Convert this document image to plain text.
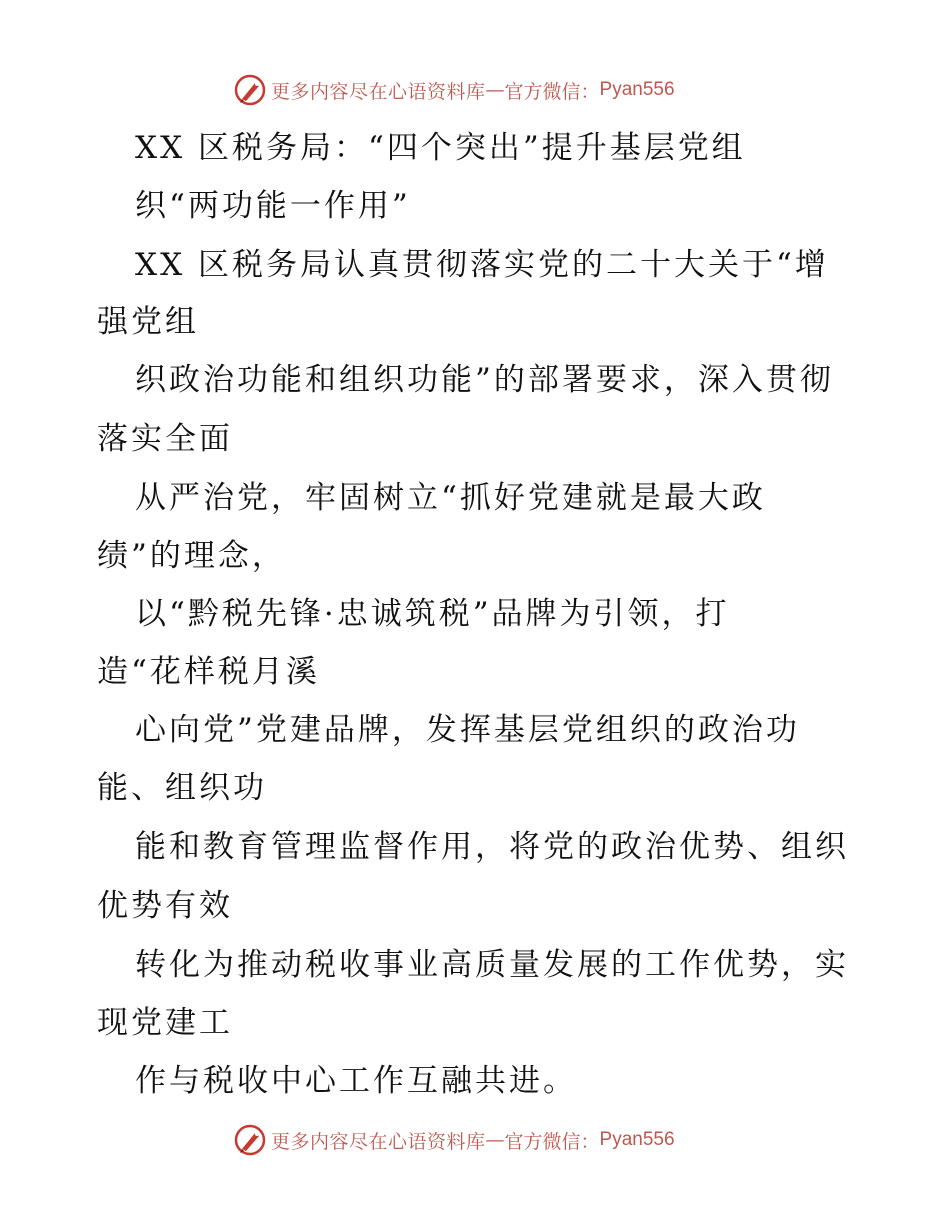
更多内容尽在心语资料库 — 官方微信： Pyan556
XX 区税务局：“四个突出”提升基层党组
织“两功能一作用”
XX 区税务局认真贯彻落实党的二十大关于“增
强党组
织政治功能和组织功能”的部署要求，深入贯彻
落实全面
从严治党，牢固树立“抓好党建就是最大政
绩”的理念，
以“黔税先锋·忠诚筑税”品牌为引领，打
造“花样税月溪
心向党”党建品牌，发挥基层党组织的政治功
能、组织功
能和教育管理监督作用，将党的政治优势、组织
优势有效
转化为推动税收事业高质量发展的工作优势，实
现党建工
作与税收中心工作互融共进。
更多内容尽在心语资料库 — 官方微信： Pyan556
